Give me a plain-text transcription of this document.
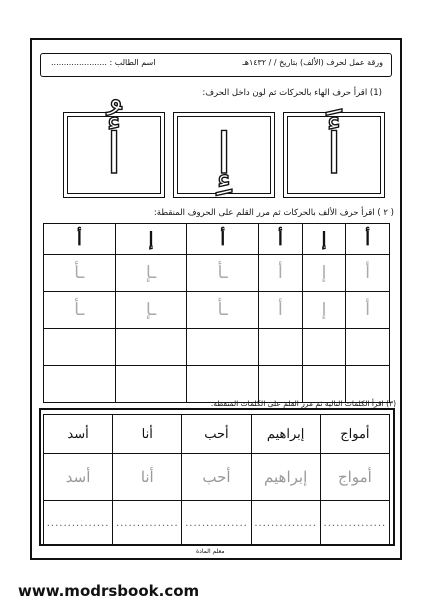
ورقة عمل لحرف (الألف) بتاريخ / / ١٤٣٢هـ
اسم الطالب : ......................
(1) اقرأ حرف الهاء بالحركات ثم لون داخل الحرف:
أَ
إِ
أُ
( ٢ ) اقرأ حرف الألف بالحركات ثم مرر القلم على الحروف المنقطة:
أ	إ	أ	أ	إ	أ
ـأ	ـإ	ـأ	أ	إ	أ
ـأ	ـإ	ـأ	أ	إ	أ

(٣) اقرأ الكلمات التالية ثم مرر القلم على الكلمات المنقطة:
أسد	أنا	أحب	إبراهيم	أمواج
أسد	أنا	أحب	إبراهيم	أمواج
...............	...............	...............	...............	...............
معلم المادة
www.modrsbook.com
